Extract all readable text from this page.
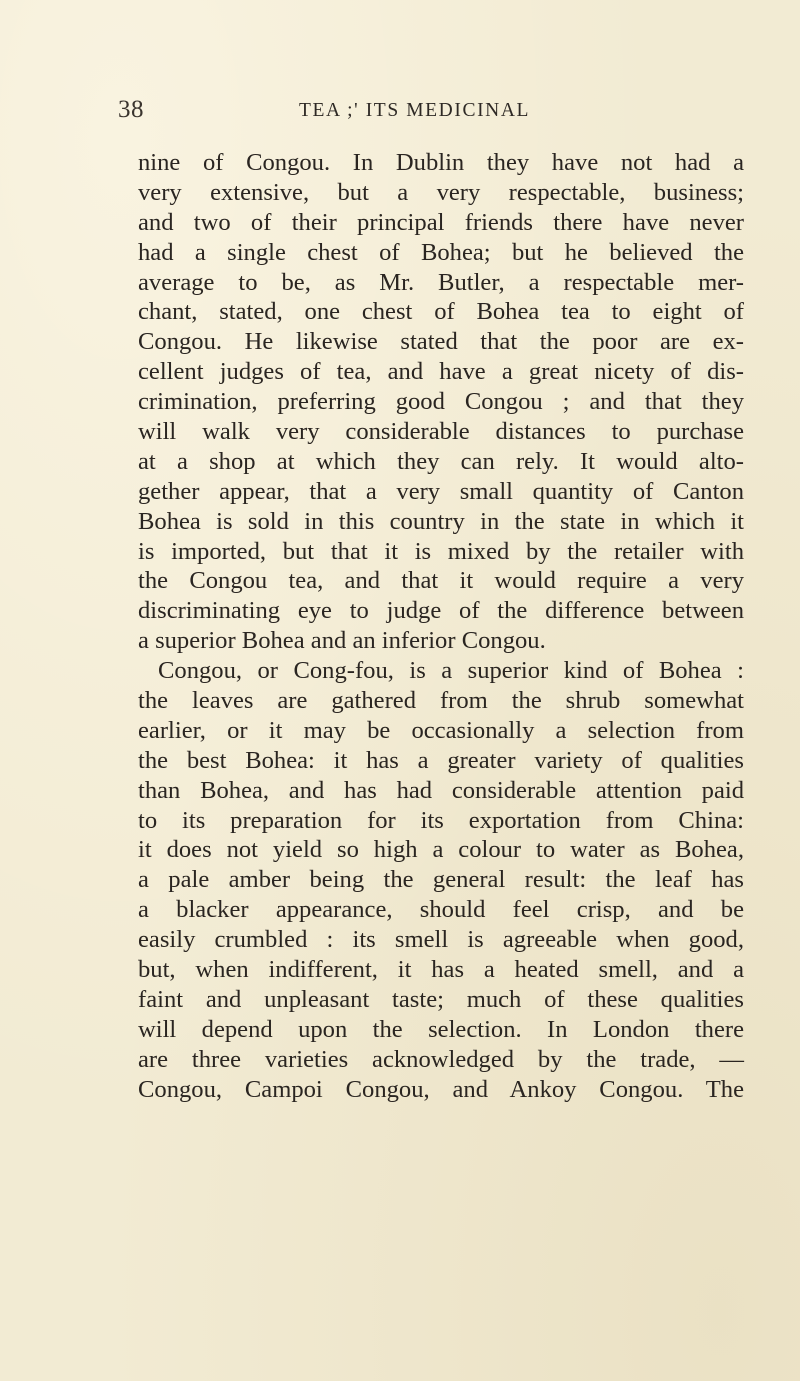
38	TEA ;' ITS MEDICINAL
nine of Congou. In Dublin they have not had a
very extensive, but a very respectable, business;
and two of their principal friends there have never
had a single chest of Bohea; but he believed the
average to be, as Mr. Butler, a respectable mer-
chant, stated, one chest of Bohea tea to eight of
Congou. He likewise stated that the poor are ex-
cellent judges of tea, and have a great nicety of dis-
crimination, preferring good Congou ; and that they
will walk very considerable distances to purchase
at a shop at which they can rely. It would alto-
gether appear, that a very small quantity of Canton
Bohea is sold in this country in the state in which it
is imported, but that it is mixed by the retailer with
the Congou tea, and that it would require a very
discriminating eye to judge of the difference between
a superior Bohea and an inferior Congou.
Congou, or Cong-fou, is a superior kind of Bohea :
the leaves are gathered from the shrub somewhat
earlier, or it may be occasionally a selection from
the best Bohea: it has a greater variety of qualities
than Bohea, and has had considerable attention paid
to its preparation for its exportation from China:
it does not yield so high a colour to water as Bohea,
a pale amber being the general result: the leaf has
a blacker appearance, should feel crisp, and be
easily crumbled : its smell is agreeable when good,
but, when indifferent, it has a heated smell, and a
faint and unpleasant taste; much of these qualities
will depend upon the selection. In London there
are three varieties acknowledged by the trade, —
Congou, Campoi Congou, and Ankoy Congou. The
